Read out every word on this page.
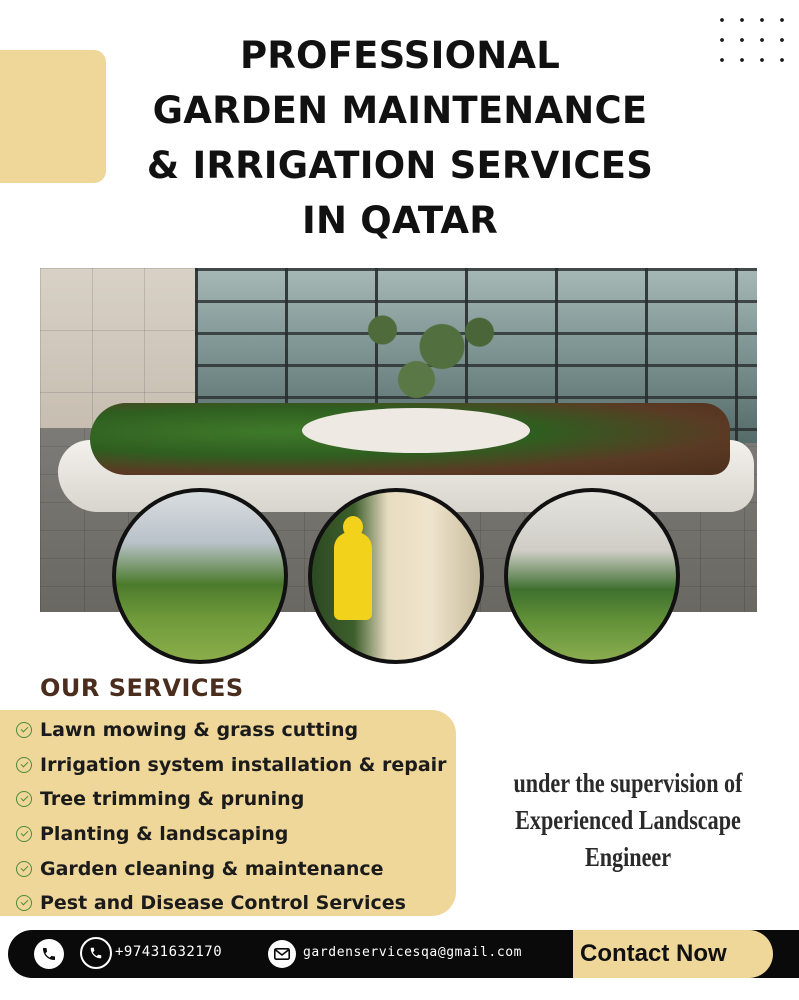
PROFESSIONAL
GARDEN MAINTENANCE
& IRRIGATION SERVICES
IN QATAR
OUR SERVICES
Lawn mowing & grass cutting
Irrigation system installation & repair
Tree trimming & pruning
Planting & landscaping
Garden cleaning & maintenance
Pest and Disease Control Services
under the supervision of
Experienced Landscape
Engineer
+97431632170	gardenservicesqa@gmail.com Contact Now
